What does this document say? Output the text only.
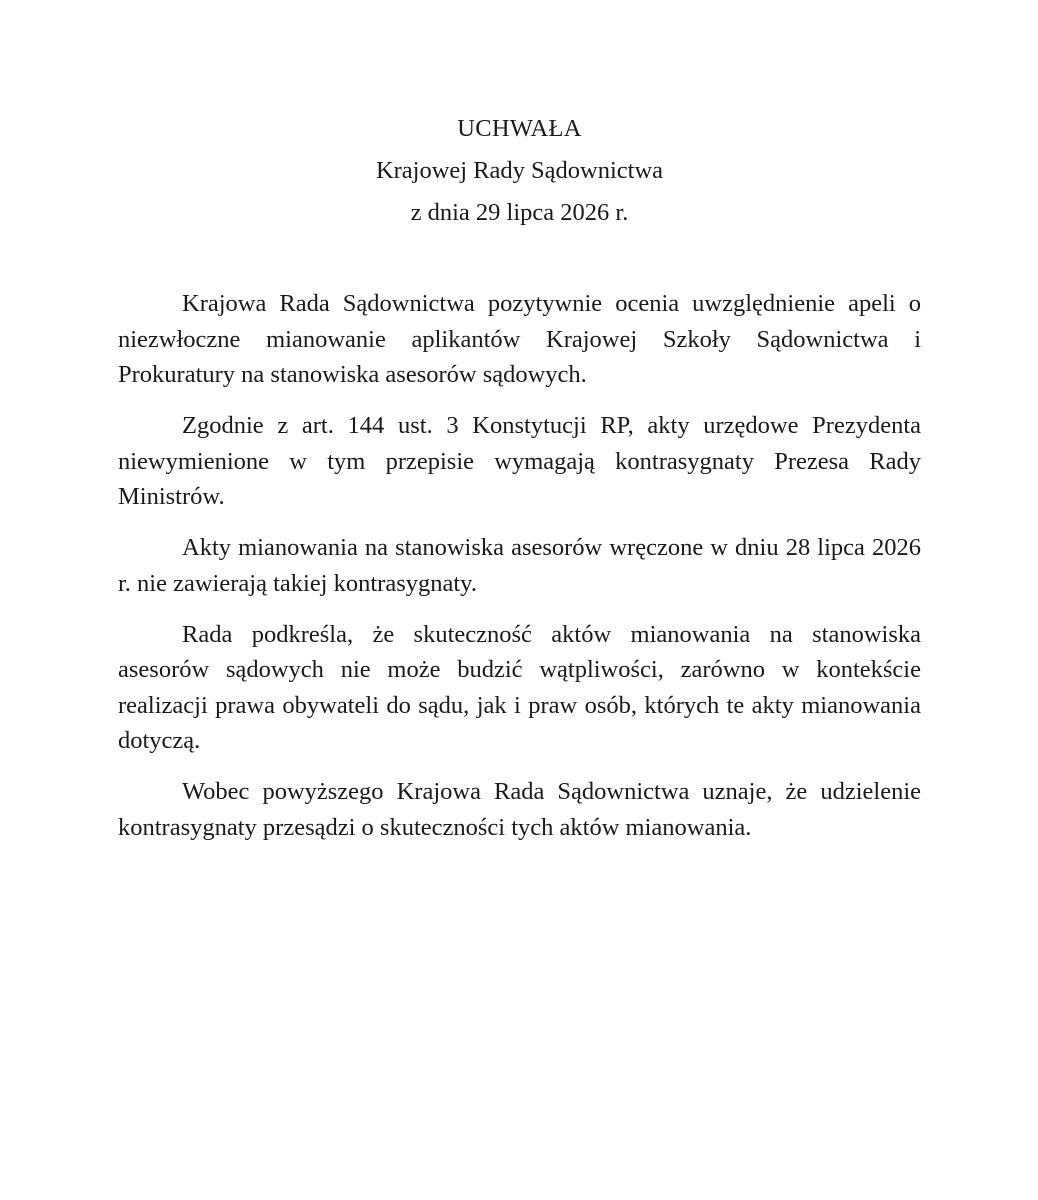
UCHWAŁA
Krajowej Rady Sądownictwa
z dnia 29 lipca 2026 r.

Krajowa Rada Sądownictwa pozytywnie ocenia uwzględnienie apeli o niezwłoczne mianowanie aplikantów Krajowej Szkoły Sądownictwa i Prokuratury na stanowiska asesorów sądowych.

Zgodnie z art. 144 ust. 3 Konstytucji RP, akty urzędowe Prezydenta niewymienione w tym przepisie wymagają kontrasygnaty Prezesa Rady Ministrów.

Akty mianowania na stanowiska asesorów wręczone w dniu 28 lipca 2026 r. nie zawierają takiej kontrasygnaty.

Rada podkreśla, że skuteczność aktów mianowania na stanowiska asesorów sądowych nie może budzić wątpliwości, zarówno w kontekście realizacji prawa obywateli do sądu, jak i praw osób, których te akty mianowania dotyczą.

Wobec powyższego Krajowa Rada Sądownictwa uznaje, że udzielenie kontrasygnaty przesądzi o skuteczności tych aktów mianowania.
